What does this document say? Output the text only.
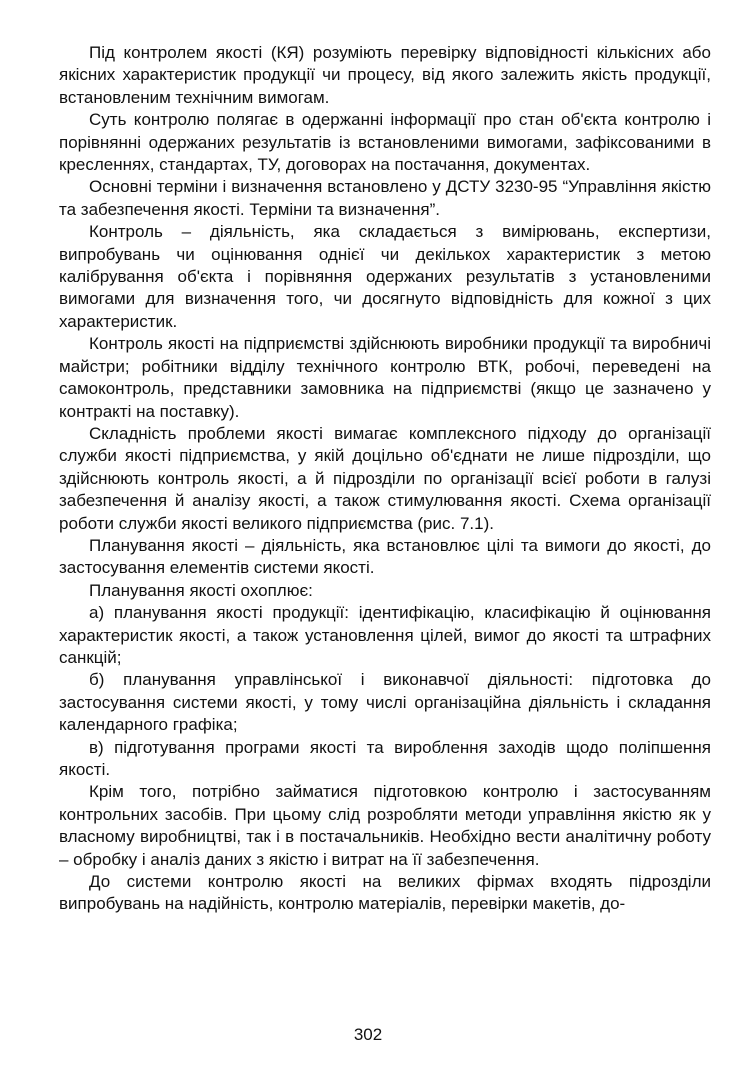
Під контролем якості (КЯ) розуміють перевірку відповідності кількісних або якісних характеристик продукції чи процесу, від якого залежить якість продукції, встановленим технічним вимогам.

Суть контролю полягає в одержанні інформації про стан об'єкта контролю і порівнянні одержаних результатів із встановленими вимогами, зафіксованими в кресленнях, стандартах, ТУ, договорах на постачання, документах.

Основні терміни і визначення встановлено у ДСТУ 3230-95 “Управління якістю та забезпечення якості. Терміни та визначення”.

Контроль – діяльність, яка складається з вимірювань, експертизи, випробувань чи оцінювання однієї чи декількох характеристик з метою калібрування об'єкта і порівняння одержаних результатів з установленими вимогами для визначення того, чи досягнуто відповідність для кожної з цих характеристик.

Контроль якості на підприємстві здійснюють виробники продукції та виробничі майстри; робітники відділу технічного контролю ВТК, робочі, переведені на самоконтроль, представники замовника на підприємстві (якщо це зазначено у контракті на поставку).

Складність проблеми якості вимагає комплексного підходу до організації служби якості підприємства, у якій доцільно об'єднати не лише підрозділи, що здійснюють контроль якості, а й підрозділи по організації всієї роботи в галузі забезпечення й аналізу якості, а також стимулювання якості. Схема організації роботи служби якості великого підприємства (рис. 7.1).

Планування якості – діяльність, яка встановлює цілі та вимоги до якості, до застосування елементів системи якості.

Планування якості охоплює:

а) планування якості продукції: ідентифікацію, класифікацію й оцінювання характеристик якості, а також установлення цілей, вимог до якості та штрафних санкцій;

б) планування управлінської і виконавчої діяльності: підготовка до застосування системи якості, у тому числі організаційна діяльність і складання календарного графіка;

в) підготування програми якості та вироблення заходів щодо поліпшення якості.

Крім того, потрібно займатися підготовкою контролю і застосуванням контрольних засобів. При цьому слід розробляти методи управління якістю як у власному виробництві, так і в постачальників. Необхідно вести аналітичну роботу – обробку і аналіз даних з якістю і витрат на її забезпечення.

До системи контролю якості на великих фірмах входять підрозділи випробувань на надійність, контролю матеріалів, перевірки макетів, до-

302
